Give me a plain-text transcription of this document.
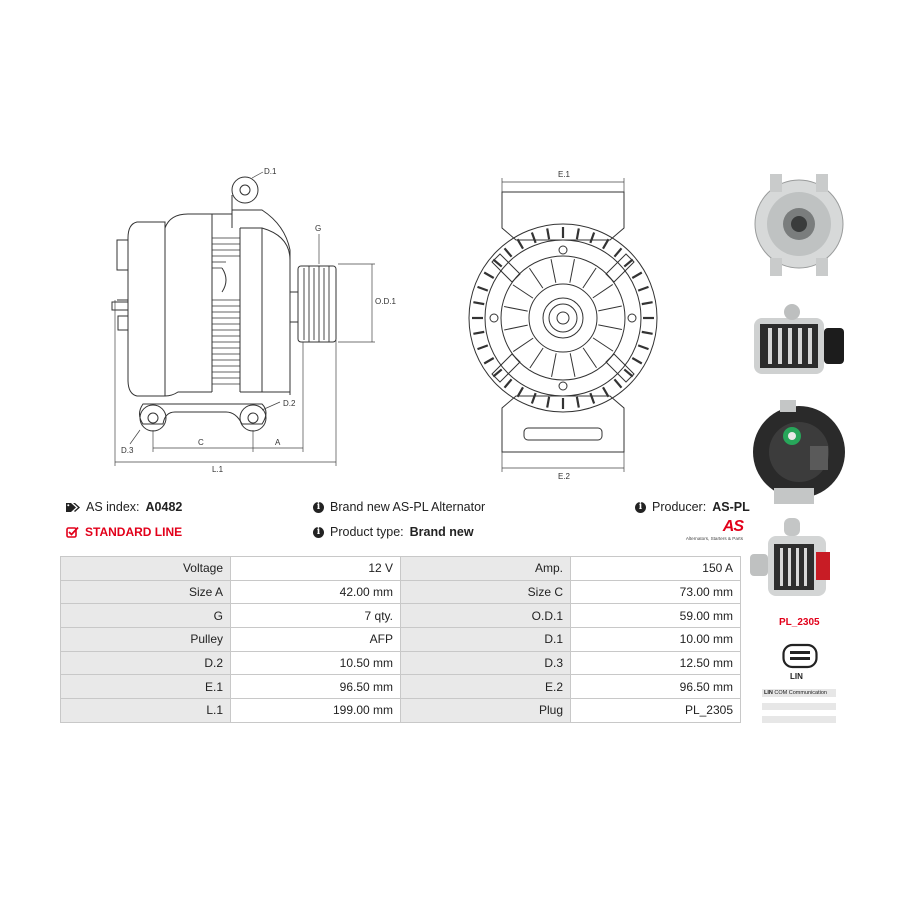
D.1
G
O.D.1
D.2
D.3
C	A
L.1
E.1
E.2
PL_2305
LIN
LIN COM Communication
AS index: A0482
STANDARD LINE
i Brand new AS-PL Alternator
i Product type: Brand new
i Producer: AS-PL
AS
Alternators, Starters & Parts
Voltage	12 V	Amp.	150 A
Size A	42.00 mm	Size C	73.00 mm
G	7 qty.	O.D.1	59.00 mm
Pulley	AFP	D.1	10.00 mm
D.2	10.50 mm	D.3	12.50 mm
E.1	96.50 mm	E.2	96.50 mm
L.1	199.00 mm	Plug	PL_2305
